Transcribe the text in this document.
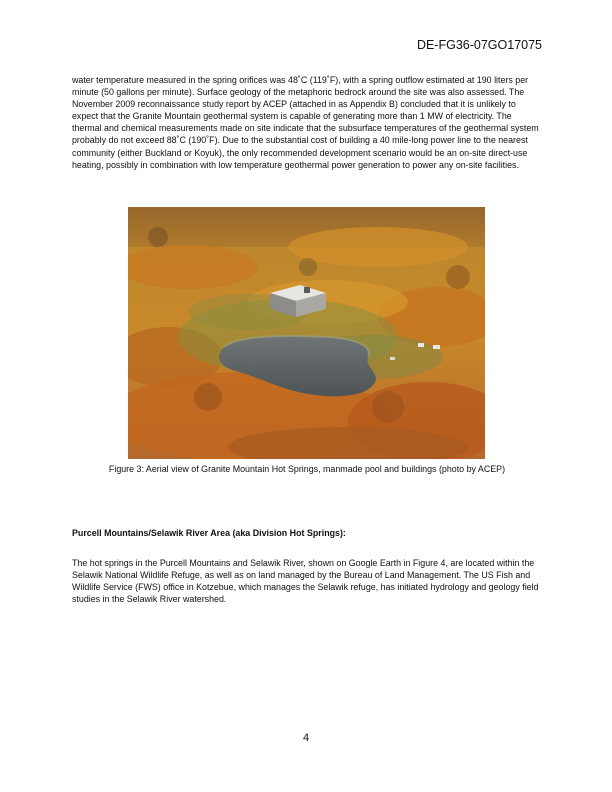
DE-FG36-07GO17075

water temperature measured in the spring orifices was 48˚C (119˚F), with a spring outflow estimated at 190 liters per minute (50 gallons per minute). Surface geology of the metaphoric bedrock around the site was also assessed. The November 2009 reconnaissance study report by ACEP (attached in as Appendix B) concluded that it is unlikely to expect that the Granite Mountain geothermal system is capable of generating more than 1 MW of electricity. The thermal and chemical measurements made on site indicate that the subsurface temperatures of the geothermal system probably do not exceed 88˚C (190˚F). Due to the substantial cost of building a 40 mile-long power line to the nearest community (either Buckland or Koyuk), the only recommended development scenario would be an on-site direct-use heating, possibly in combination with low temperature geothermal power generation to power any on-site facilities.

Figure 3: Aerial view of Granite Mountain Hot Springs, manmade pool and buildings (photo by ACEP)

Purcell Mountains/Selawik River Area (aka Division Hot Springs):

The hot springs in the Purcell Mountains and Selawik River, shown on Google Earth in Figure 4, are located within the Selawik National Wildlife Refuge, as well as on land managed by the Bureau of Land Management. The US Fish and Wildlife Service (FWS) office in Kotzebue, which manages the Selawik refuge, has initiated hydrology and geology field studies in the Selawik River watershed.

4
